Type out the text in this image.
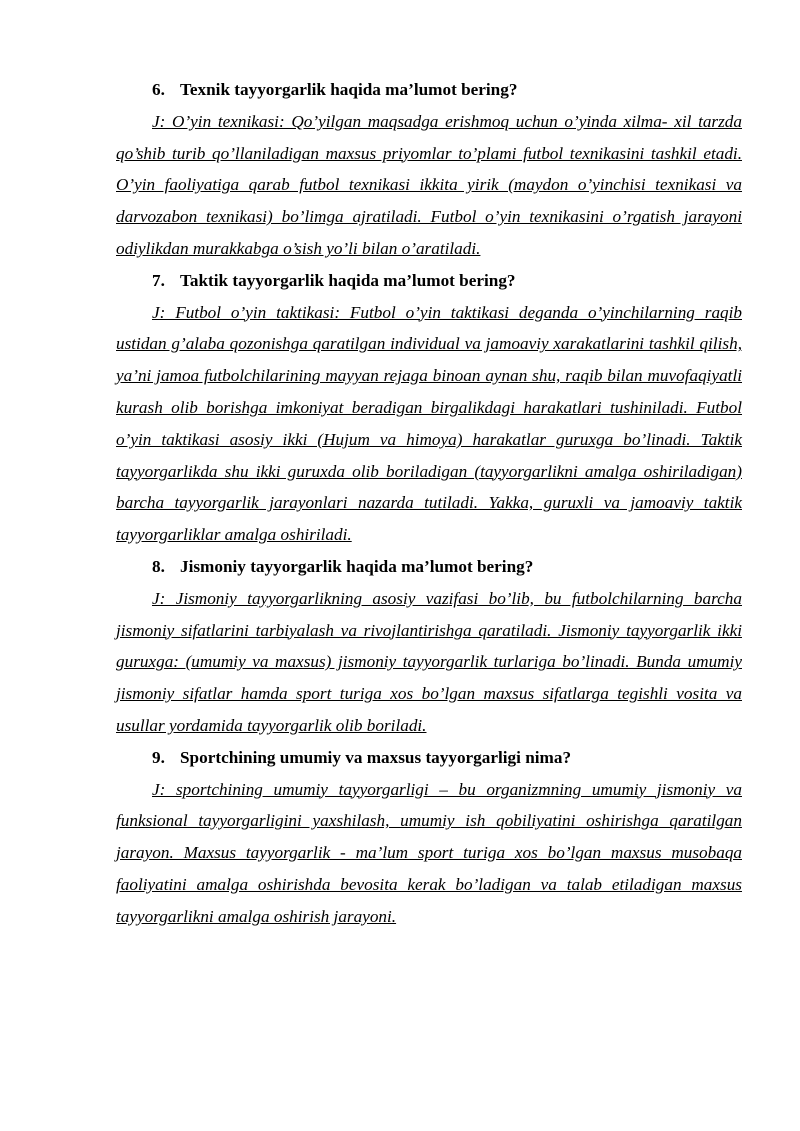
6. Texnik tayyorgarlik haqida ma’lumot bering?

J: O’yin texnikasi: Qo’yilgan maqsadga erishmoq uchun o’yinda xilma- xil tarzda qo’shib turib qo’llaniladigan maxsus priyomlar to’plami futbol texnikasini tashkil etadi. O’yin faoliyatiga qarab futbol texnikasi ikkita yirik (maydon o’yinchisi texnikasi va darvozabon texnikasi) bo’limga ajratiladi. Futbol o’yin texnikasini o’rgatish jarayoni odiylikdan murakkabga o’sish yo’li bilan o’aratiladi.

7. Taktik tayyorgarlik haqida ma’lumot bering?

J: Futbol o’yin taktikasi: Futbol o’yin taktikasi deganda o’yinchilarning raqib ustidan g’alaba qozonishga qaratilgan individual va jamoaviy xarakatlarini tashkil qilish, ya’ni jamoa futbolchilarining mayyan rejaga binoan aynan shu, raqib bilan muvofaqiyatli kurash olib borishga imkoniyat beradigan birgalikdagi harakatlari tushiniladi. Futbol o’yin taktikasi asosiy ikki (Hujum va himoya) harakatlar guruxga bo’linadi. Taktik tayyorgarlikda shu ikki guruxda olib boriladigan (tayyorgarlikni amalga oshiriladigan) barcha tayyorgarlik jarayonlari nazarda tutiladi. Yakka, guruxli va jamoaviy taktik tayyorgarliklar amalga oshiriladi.

8. Jismoniy tayyorgarlik haqida ma’lumot bering?

J: Jismoniy tayyorgarlikning asosiy vazifasi bo’lib, bu futbolchilarning barcha jismoniy sifatlarini tarbiyalash va rivojlantirishga qaratiladi. Jismoniy tayyorgarlik ikki guruxga: (umumiy va maxsus) jismoniy tayyorgarlik turlariga bo’linadi. Bunda umumiy jismoniy sifatlar hamda sport turiga xos bo’lgan maxsus sifatlarga tegishli vosita va usullar yordamida tayyorgarlik olib boriladi.

9. Sportchining umumiy va maxsus tayyorgarligi nima?

J: sportchining umumiy tayyorgarligi – bu organizmning umumiy jismoniy va funksional tayyorgarligini yaxshilash, umumiy ish qobiliyatini oshirishga qaratilgan jarayon. Maxsus tayyorgarlik - ma’lum sport turiga xos bo’lgan maxsus musobaqa faoliyatini amalga oshirishda bevosita kerak bo’ladigan va talab etiladigan maxsus tayyorgarlikni amalga oshirish jarayoni.
